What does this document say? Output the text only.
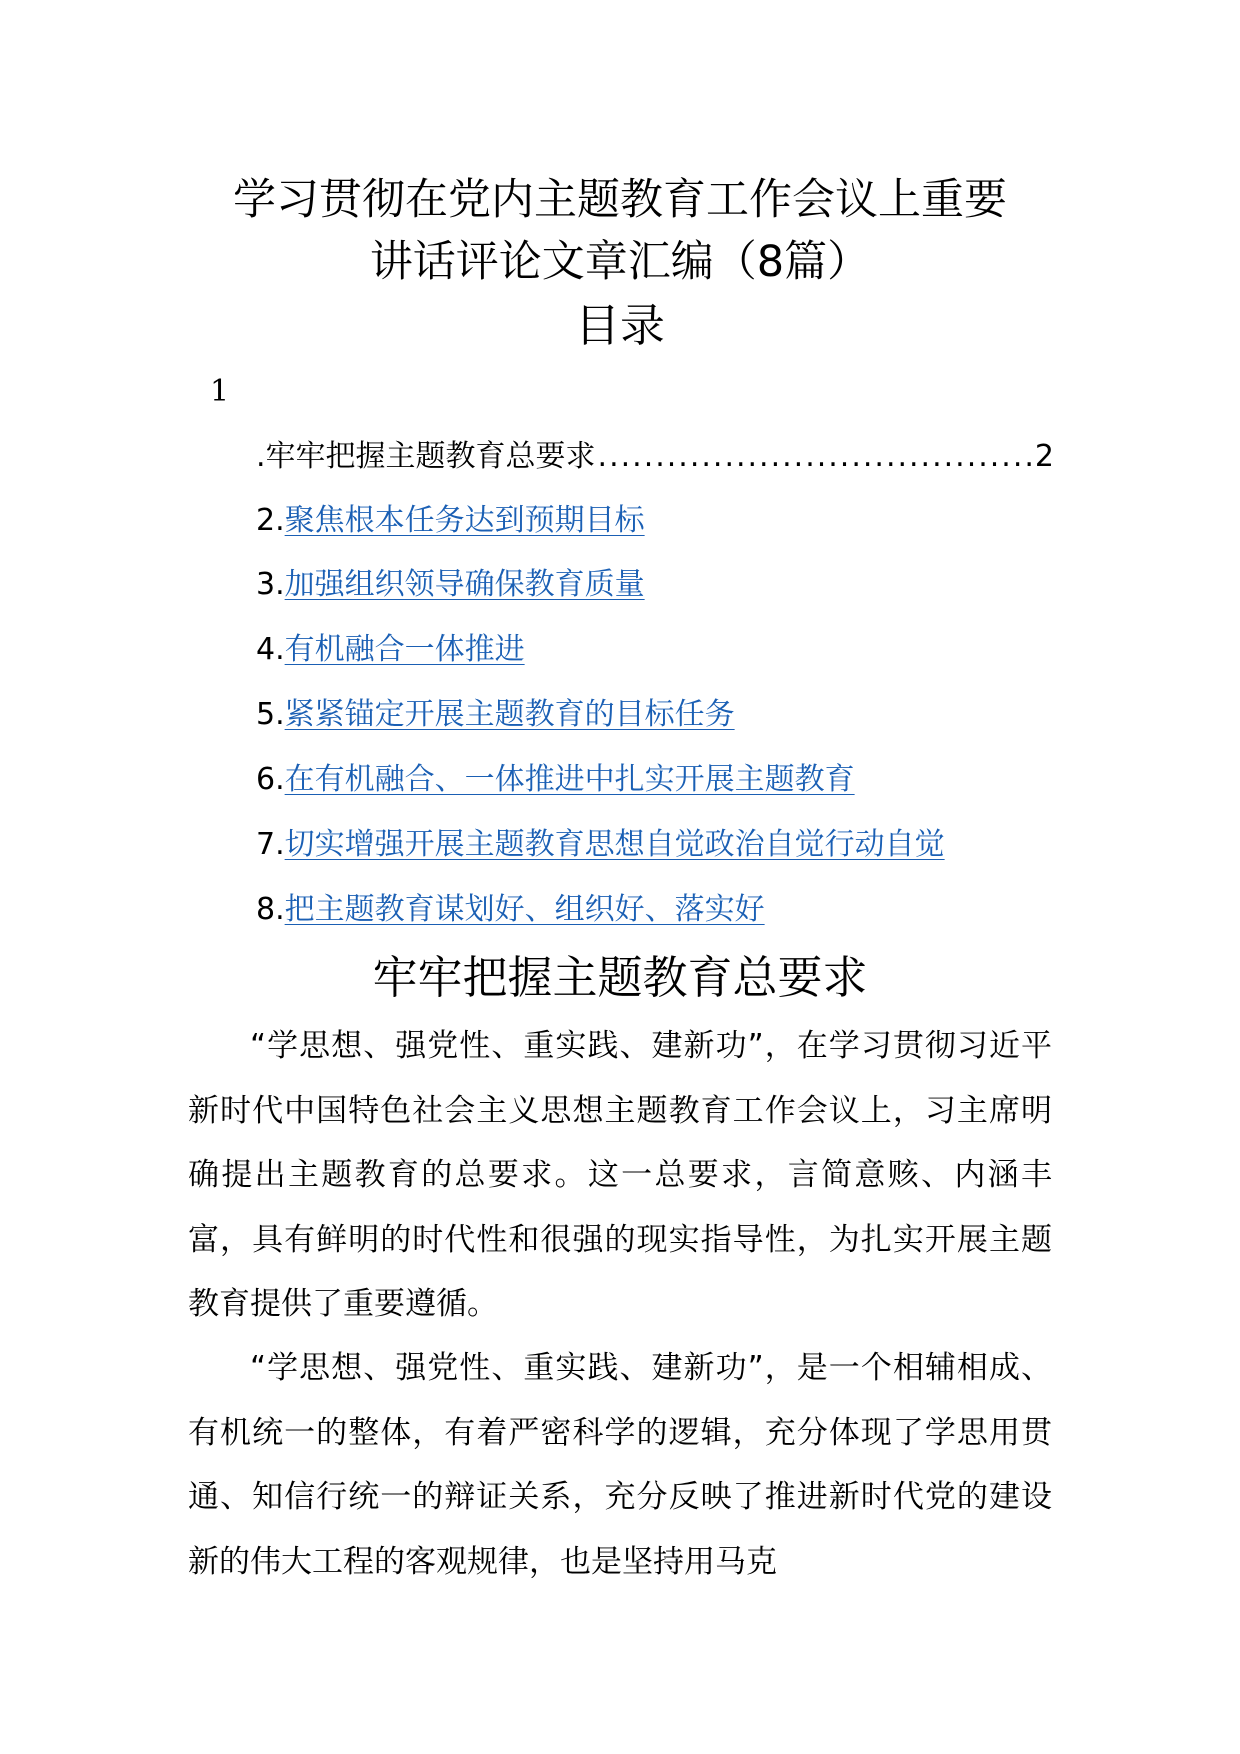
学习贯彻在党内主题教育工作会议上重要
讲话评论文章汇编（8篇）
目录
1
. 牢牢把握主题教育总要求
.....	2
2.聚焦根本任务达到预期目标
3.加强组织领导确保教育质量
4.有机融合一体推进
5.紧紧锚定开展主题教育的目标任务
6.在有机融合、一体推进中扎实开展主题教育
7.切实增强开展主题教育思想自觉政治自觉行动自觉
8.把主题教育谋划好、组织好、落实好
牢牢把握主题教育总要求

“学思想、强党性、重实践、建新功”，在学习贯彻习近平新时代中国特色社会主义思想主题教育工作会议上，习主席明确提出主题教育的总要求。这一总要求，言简意赅、内涵丰富，具有鲜明的时代性和很强的现实指导性，为扎实开展主题教育提供了重要遵循。

“学思想、强党性、重实践、建新功”，是一个相辅相成、有机统一的整体，有着严密科学的逻辑，充分体现了学思用贯通、知信行统一的辩证关系，充分反映了推进新时代党的建设新的伟大工程的客观规律，也是坚持用马克
